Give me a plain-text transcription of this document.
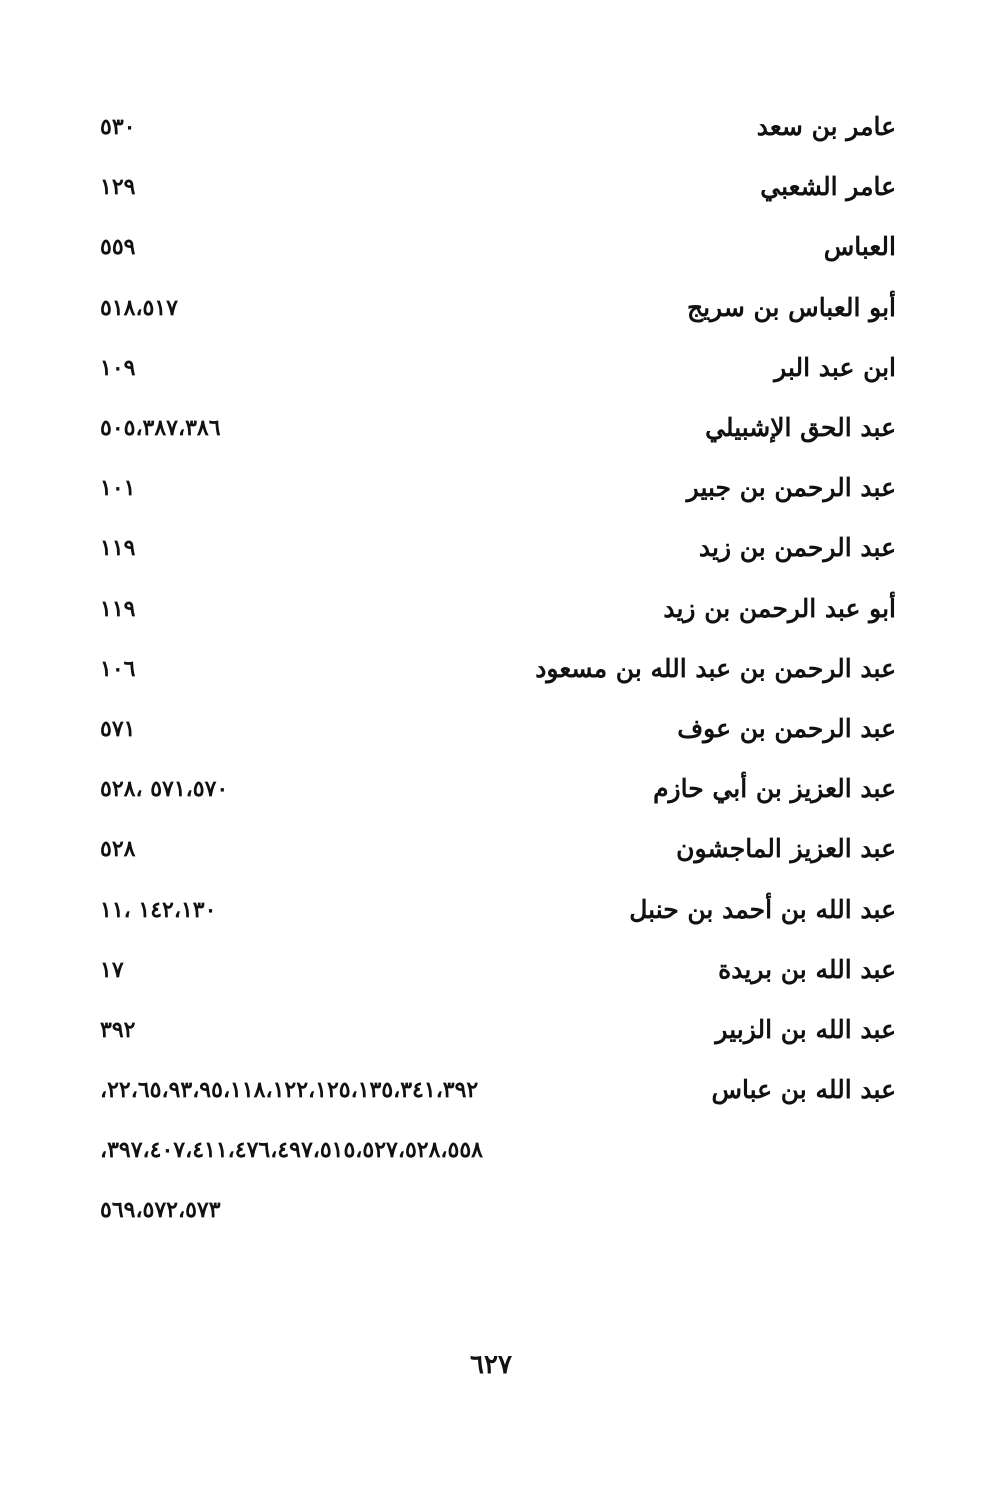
عامر بن سعد
٥٣٠
عامر الشعبي
١٢٩
العباس
٥٥٩
أبو العباس بن سريج
٥١٨،٥١٧
ابن عبد البر
١٠٩
عبد الحق الإشبيلي
٥٠٥،٣٨٧،٣٨٦
عبد الرحمن بن جبير
١٠١
عبد الرحمن بن زيد
١١٩
أبو عبد الرحمن بن زيد
١١٩
عبد الرحمن بن عبد الله بن مسعود
١٠٦
عبد الرحمن بن عوف
٥٧١
عبد العزيز بن أبي حازم
٥٧١،٥٧٠ ،٥٢٨
عبد العزيز الماجشون
٥٢٨
عبد الله بن أحمد بن حنبل
١٤٢،١٣٠ ،١١
عبد الله بن بريدة
١٧
عبد الله بن الزبير
٣٩٢
عبد الله بن عباس
٢٢،٦٥،٩٣،٩٥،١١٨،١٢٢،١٢٥،١٣٥،٣٤١،٣٩٢،
٣٩٧،٤٠٧،٤١١،٤٧٦،٤٩٧،٥١٥،٥٢٧،٥٢٨،٥٥٨،
٥٦٩،٥٧٢،٥٧٣
٦٢٧
